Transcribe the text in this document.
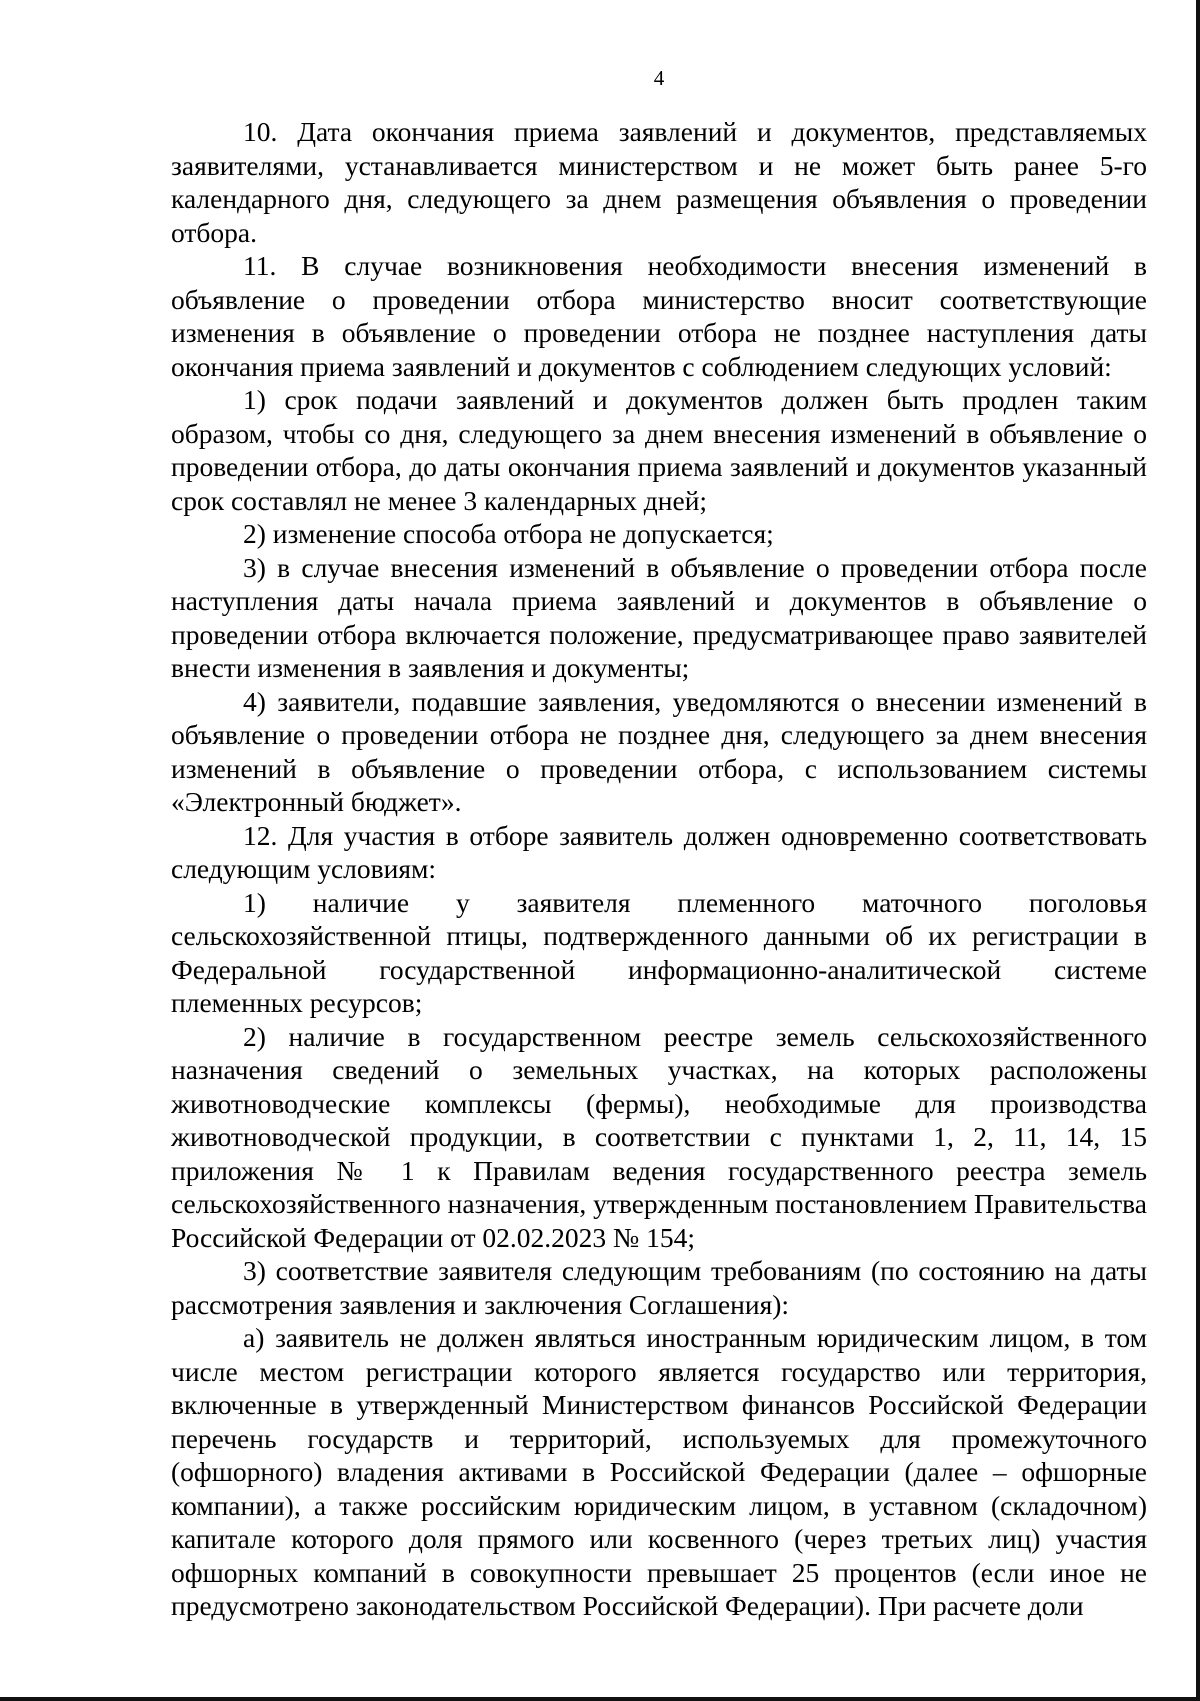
4

10. Дата окончания приема заявлений и документов, представляемых заявителями, устанавливается министерством и не может быть ранее 5-го календарного дня, следующего за днем размещения объявления о проведении отбора.

11. В случае возникновения необходимости внесения изменений в объявление о проведении отбора министерство вносит соответствующие изменения в объявление о проведении отбора не позднее наступления даты окончания приема заявлений и документов с соблюдением следующих условий:

1) срок подачи заявлений и документов должен быть продлен таким образом, чтобы со дня, следующего за днем внесения изменений в объявление о проведении отбора, до даты окончания приема заявлений и документов указанный срок составлял не менее 3 календарных дней;

2) изменение способа отбора не допускается;

3) в случае внесения изменений в объявление о проведении отбора после наступления даты начала приема заявлений и документов в объявление о проведении отбора включается положение, предусматривающее право заявителей внести изменения в заявления и документы;

4) заявители, подавшие заявления, уведомляются о внесении изменений в объявление о проведении отбора не позднее дня, следующего за днем внесения изменений в объявление о проведении отбора, с использованием системы «Электронный бюджет».

12. Для участия в отборе заявитель должен одновременно соответствовать следующим условиям:

1) наличие у заявителя племенного маточного поголовья сельскохозяйственной птицы, подтвержденного данными об их регистрации в Федеральной государственной информационно-аналитической системе племенных ресурсов;

2) наличие в государственном реестре земель сельскохозяйственного назначения сведений о земельных участках, на которых расположены животноводческие комплексы (фермы), необходимые для производства животноводческой продукции, в соответствии с пунктами 1, 2, 11, 14, 15 приложения № 1 к Правилам ведения государственного реестра земель сельскохозяйственного назначения, утвержденным постановлением Правительства Российской Федерации от 02.02.2023 № 154;

3) соответствие заявителя следующим требованиям (по состоянию на даты рассмотрения заявления и заключения Соглашения):

а) заявитель не должен являться иностранным юридическим лицом, в том числе местом регистрации которого является государство или территория, включенные в утвержденный Министерством финансов Российской Федерации перечень государств и территорий, используемых для промежуточного (офшорного) владения активами в Российской Федерации (далее – офшорные компании), а также российским юридическим лицом, в уставном (складочном) капитале которого доля прямого или косвенного (через третьих лиц) участия офшорных компаний в совокупности превышает 25 процентов (если иное не предусмотрено законодательством Российской Федерации). При расчете доли
